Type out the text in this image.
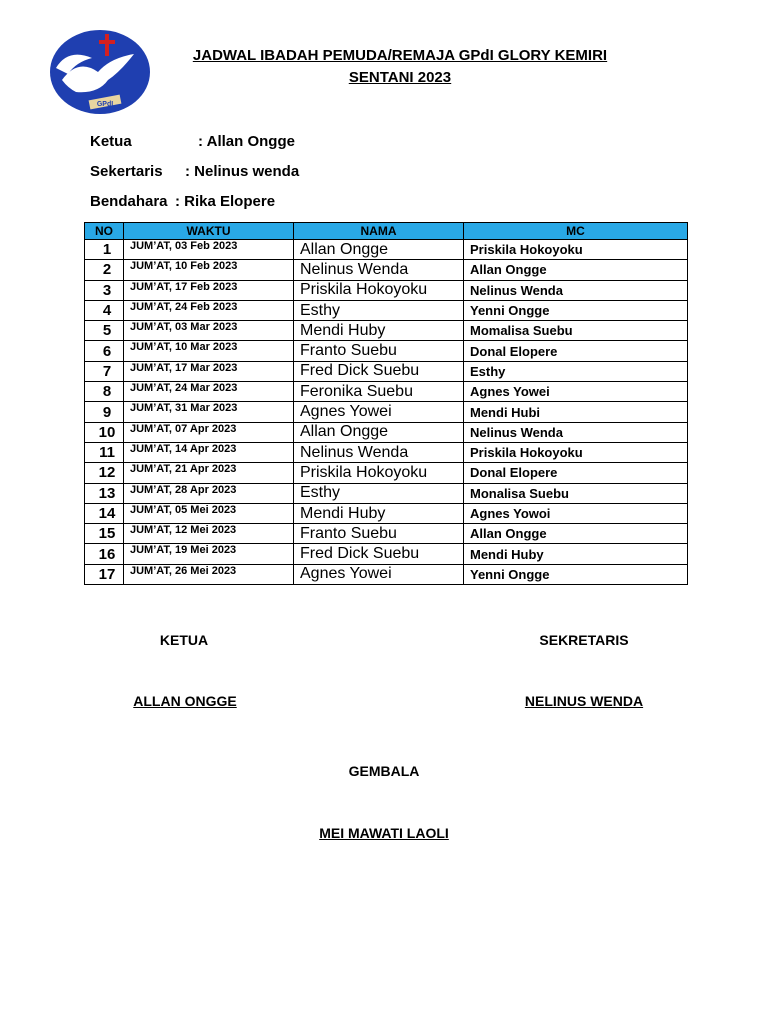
GPdI
JADWAL IBADAH PEMUDA/REMAJA GPdI GLORY KEMIRI
SENTANI 2023
Ketua	: Allan Ongge
Sekertaris : Nelinus wenda
Bendahara : Rika Elopere
NO	WAKTU	NAMA	MC
1	JUM’AT, 03 Feb 2023	Allan Ongge	Priskila Hokoyoku
2	JUM’AT, 10 Feb 2023	Nelinus Wenda	Allan Ongge
3	JUM’AT, 17 Feb 2023	Priskila Hokoyoku	Nelinus Wenda
4	JUM’AT, 24 Feb 2023	Esthy	Yenni Ongge
5	JUM’AT, 03 Mar 2023	Mendi Huby	Momalisa Suebu
6	JUM’AT, 10 Mar 2023	Franto Suebu	Donal Elopere
7	JUM’AT, 17 Mar 2023	Fred Dick Suebu	Esthy
8	JUM’AT, 24 Mar 2023	Feronika Suebu	Agnes Yowei
9	JUM’AT, 31 Mar 2023	Agnes Yowei	Mendi Hubi
10	JUM’AT, 07 Apr 2023	Allan Ongge	Nelinus Wenda
11	JUM’AT, 14 Apr 2023	Nelinus Wenda	Priskila Hokoyoku
12	JUM’AT, 21 Apr 2023	Priskila Hokoyoku	Donal Elopere
13	JUM’AT, 28 Apr 2023	Esthy	Monalisa Suebu
14	JUM’AT, 05 Mei 2023	Mendi Huby	Agnes Yowoi
15	JUM’AT, 12 Mei 2023	Franto Suebu	Allan Ongge
16	JUM’AT, 19 Mei 2023	Fred Dick Suebu	Mendi Huby
17	JUM’AT, 26 Mei 2023	Agnes Yowei	Yenni Ongge
KETUA
ALLAN ONGGE
SEKRETARIS
NELINUS WENDA
GEMBALA
MEI MAWATI LAOLI
